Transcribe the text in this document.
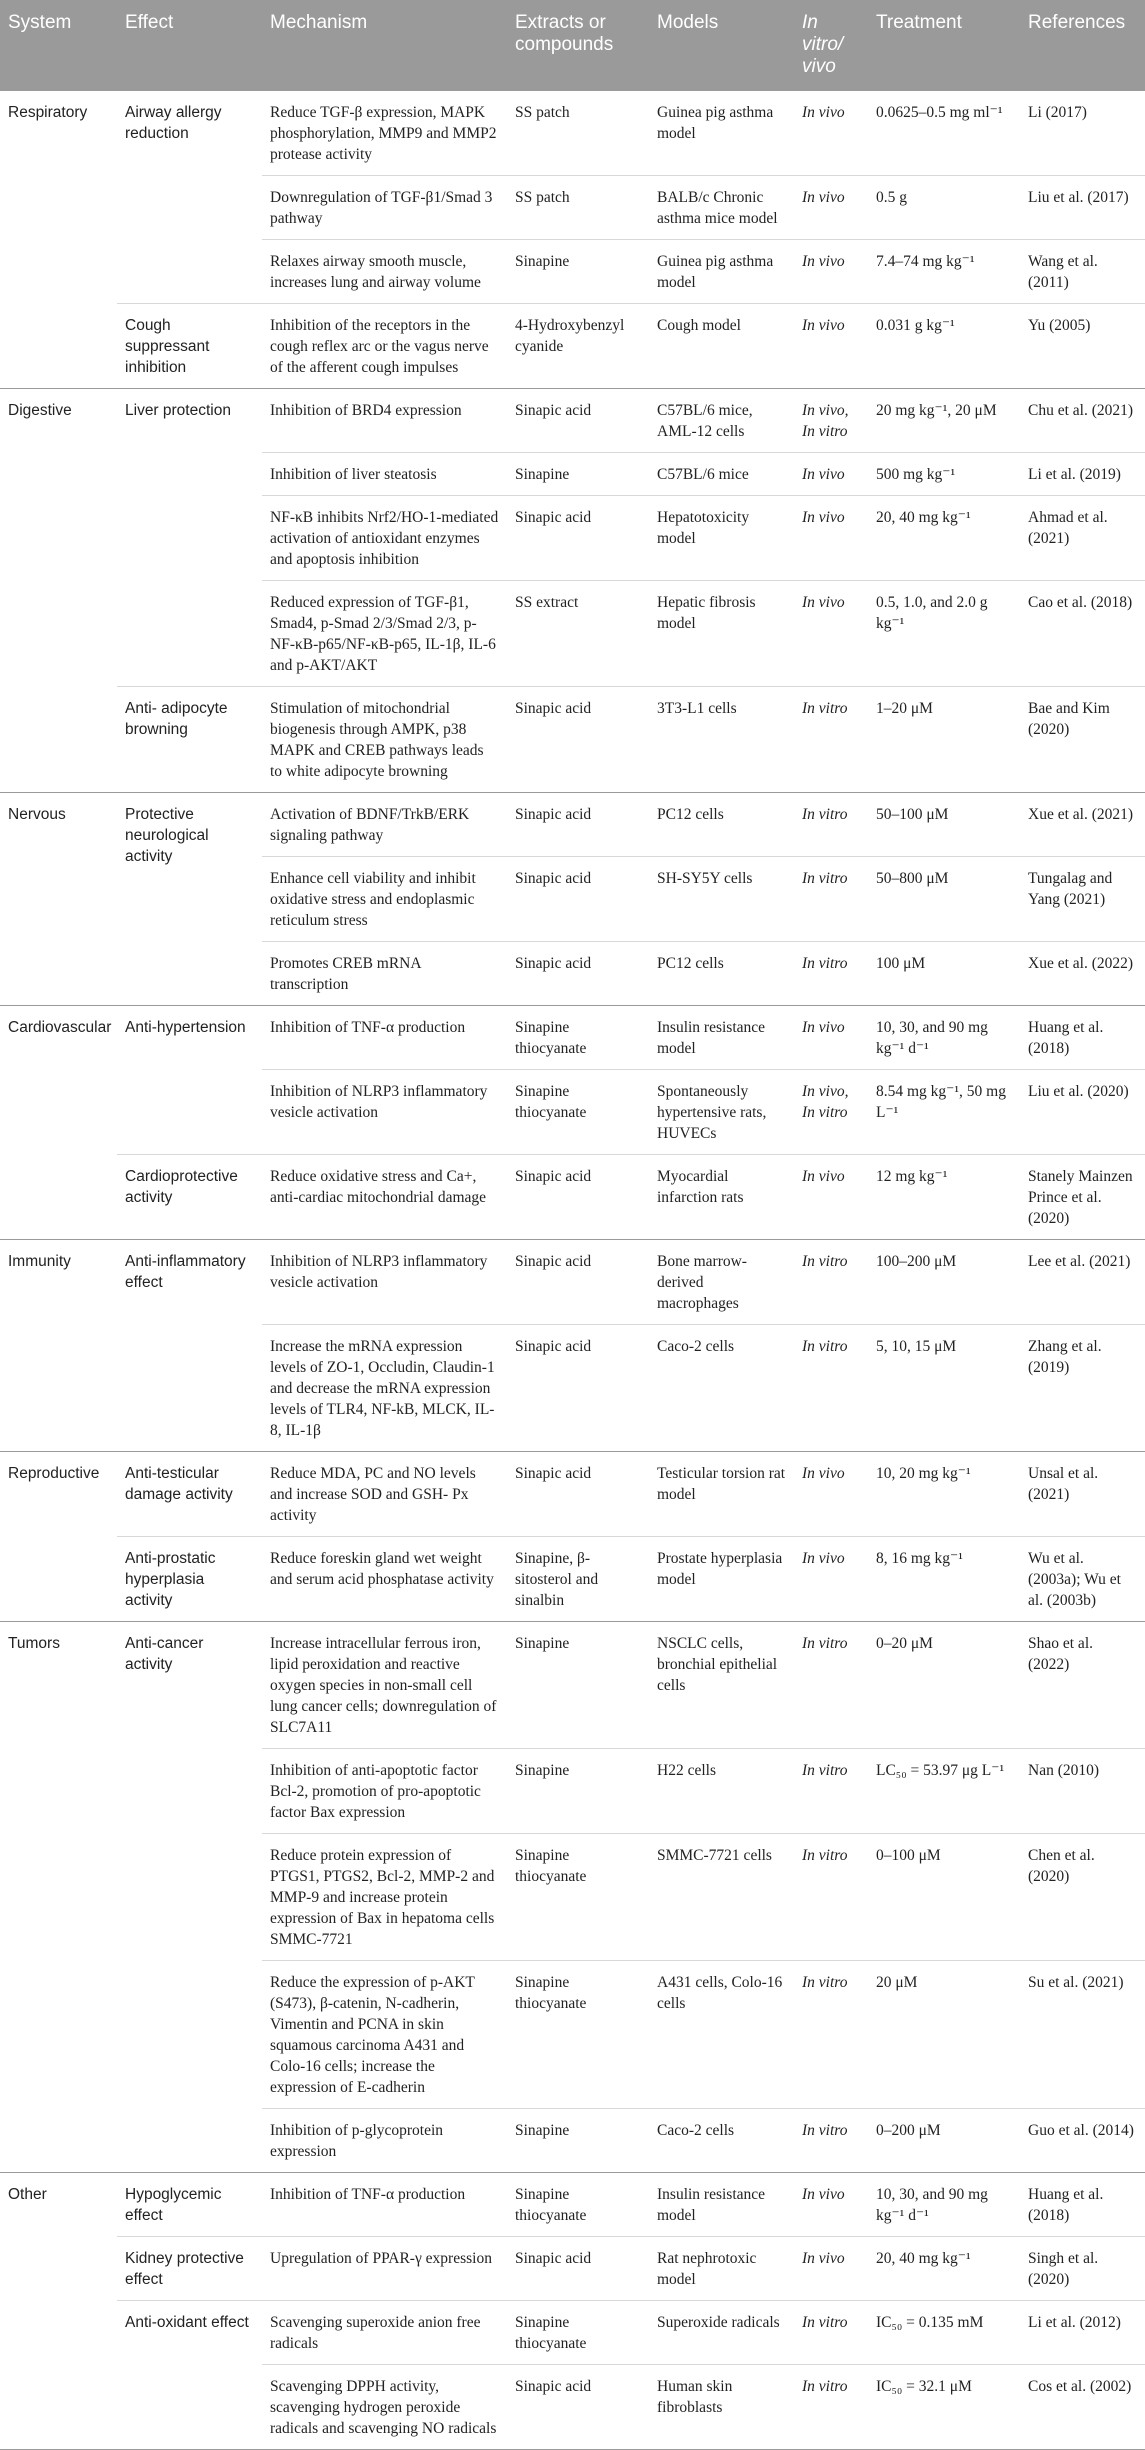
System	Effect	Mechanism	Extracts or compounds	Models	In vitro/ vivo	Treatment	References
Respiratory	Airway allergy reduction	Reduce TGF-β expression, MAPK phosphorylation, MMP9 and MMP2 protease activity	SS patch	Guinea pig asthma model	In vivo	0.0625–0.5 mg ml⁻¹	Li (2017)
		Downregulation of TGF-β1/Smad 3 pathway	SS patch	BALB/c Chronic asthma mice model	In vivo	0.5 g	Liu et al. (2017)
		Relaxes airway smooth muscle, increases lung and airway volume	Sinapine	Guinea pig asthma model	In vivo	7.4–74 mg kg⁻¹	Wang et al. (2011)
	Cough suppressant inhibition	Inhibition of the receptors in the cough reflex arc or the vagus nerve of the afferent cough impulses	4-Hydroxybenzyl cyanide	Cough model	In vivo	0.031 g kg⁻¹	Yu (2005)
Digestive	Liver protection	Inhibition of BRD4 expression	Sinapic acid	C57BL/6 mice, AML-12 cells	In vivo, In vitro	20 mg kg⁻¹, 20 μM	Chu et al. (2021)
		Inhibition of liver steatosis	Sinapine	C57BL/6 mice	In vivo	500 mg kg⁻¹	Li et al. (2019)
		NF-κB inhibits Nrf2/HO-1-mediated activation of antioxidant enzymes and apoptosis inhibition	Sinapic acid	Hepatotoxicity model	In vivo	20, 40 mg kg⁻¹	Ahmad et al. (2021)
		Reduced expression of TGF-β1, Smad4, p-Smad 2/3/Smad 2/3, p-NF-κB-p65/NF-κB-p65, IL-1β, IL-6 and p-AKT/AKT	SS extract	Hepatic fibrosis model	In vivo	0.5, 1.0, and 2.0 g kg⁻¹	Cao et al. (2018)
	Anti- adipocyte browning	Stimulation of mitochondrial biogenesis through AMPK, p38 MAPK and CREB pathways leads to white adipocyte browning	Sinapic acid	3T3-L1 cells	In vitro	1–20 μM	Bae and Kim (2020)
Nervous	Protective neurological activity	Activation of BDNF/TrkB/ERK signaling pathway	Sinapic acid	PC12 cells	In vitro	50–100 μM	Xue et al. (2021)
		Enhance cell viability and inhibit oxidative stress and endoplasmic reticulum stress	Sinapic acid	SH-SY5Y cells	In vitro	50–800 μM	Tungalag and Yang (2021)
		Promotes CREB mRNA transcription	Sinapic acid	PC12 cells	In vitro	100 μM	Xue et al. (2022)
Cardiovascular	Anti-hypertension	Inhibition of TNF-α production	Sinapine thiocyanate	Insulin resistance model	In vivo	10, 30, and 90 mg kg⁻¹ d⁻¹	Huang et al. (2018)
		Inhibition of NLRP3 inflammatory vesicle activation	Sinapine thiocyanate	Spontaneously hypertensive rats, HUVECs	In vivo, In vitro	8.54 mg kg⁻¹, 50 mg L⁻¹	Liu et al. (2020)
	Cardioprotective activity	Reduce oxidative stress and Ca+, anti-cardiac mitochondrial damage	Sinapic acid	Myocardial infarction rats	In vivo	12 mg kg⁻¹	Stanely Mainzen Prince et al. (2020)
Immunity	Anti-inflammatory effect	Inhibition of NLRP3 inflammatory vesicle activation	Sinapic acid	Bone marrow-derived macrophages	In vitro	100–200 μM	Lee et al. (2021)
		Increase the mRNA expression levels of ZO-1, Occludin, Claudin-1 and decrease the mRNA expression levels of TLR4, NF-kB, MLCK, IL-8, IL-1β	Sinapic acid	Caco-2 cells	In vitro	5, 10, 15 μM	Zhang et al. (2019)
Reproductive	Anti-testicular damage activity	Reduce MDA, PC and NO levels and increase SOD and GSH- Px activity	Sinapic acid	Testicular torsion rat model	In vivo	10, 20 mg kg⁻¹	Unsal et al. (2021)
	Anti-prostatic hyperplasia activity	Reduce foreskin gland wet weight and serum acid phosphatase activity	Sinapine, β-sitosterol and sinalbin	Prostate hyperplasia model	In vivo	8, 16 mg kg⁻¹	Wu et al. (2003a); Wu et al. (2003b)
Tumors	Anti-cancer activity	Increase intracellular ferrous iron, lipid peroxidation and reactive oxygen species in non-small cell lung cancer cells; downregulation of SLC7A11	Sinapine	NSCLC cells, bronchial epithelial cells	In vitro	0–20 μM	Shao et al. (2022)
		Inhibition of anti-apoptotic factor Bcl-2, promotion of pro-apoptotic factor Bax expression	Sinapine	H22 cells	In vitro	LC₅₀ = 53.97 μg L⁻¹	Nan (2010)
		Reduce protein expression of PTGS1, PTGS2, Bcl-2, MMP-2 and MMP-9 and increase protein expression of Bax in hepatoma cells SMMC-7721	Sinapine thiocyanate	SMMC-7721 cells	In vitro	0–100 μM	Chen et al. (2020)
		Reduce the expression of p-AKT (S473), β-catenin, N-cadherin, Vimentin and PCNA in skin squamous carcinoma A431 and Colo-16 cells; increase the expression of E-cadherin	Sinapine thiocyanate	A431 cells, Colo-16 cells	In vitro	20 μM	Su et al. (2021)
		Inhibition of p-glycoprotein expression	Sinapine	Caco-2 cells	In vitro	0–200 μM	Guo et al. (2014)
Other	Hypoglycemic effect	Inhibition of TNF-α production	Sinapine thiocyanate	Insulin resistance model	In vivo	10, 30, and 90 mg kg⁻¹ d⁻¹	Huang et al. (2018)
	Kidney protective effect	Upregulation of PPAR-γ expression	Sinapic acid	Rat nephrotoxic model	In vivo	20, 40 mg kg⁻¹	Singh et al. (2020)
	Anti-oxidant effect	Scavenging superoxide anion free radicals	Sinapine thiocyanate	Superoxide radicals	In vitro	IC₅₀ = 0.135 mM	Li et al. (2012)
		Scavenging DPPH activity, scavenging hydrogen peroxide radicals and scavenging NO radicals	Sinapic acid	Human skin fibroblasts	In vitro	IC₅₀ = 32.1 μM	Cos et al. (2002)
